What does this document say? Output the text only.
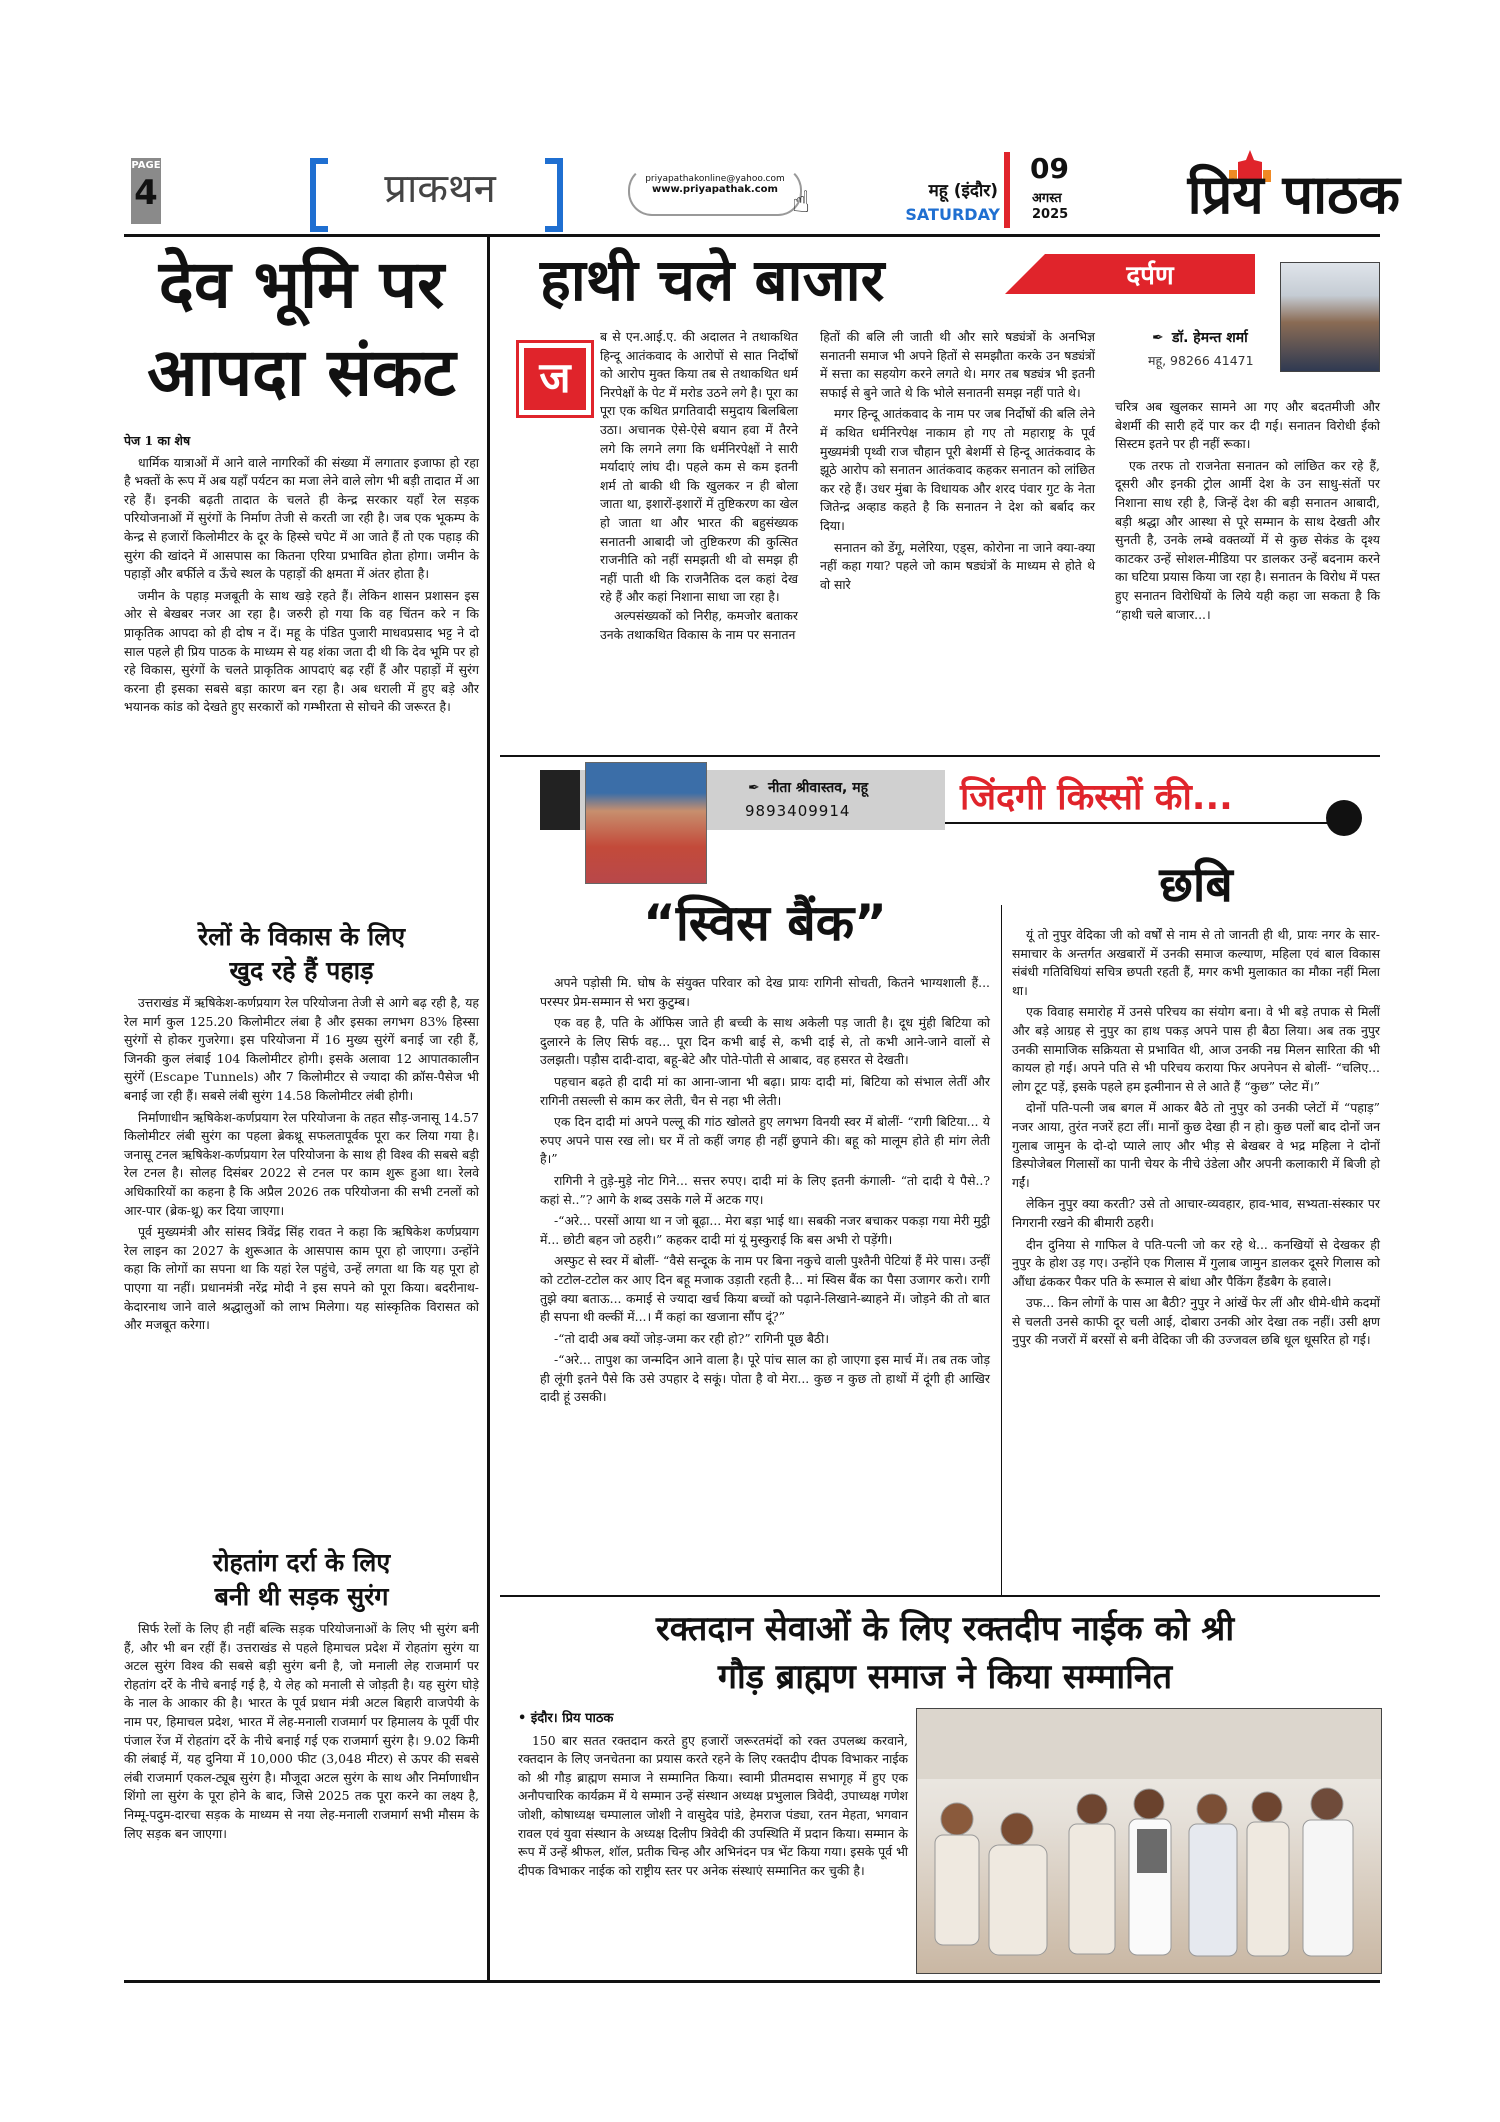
PAGE
4	प्राकथन	priyapathakonline@yahoo.com
www.priyapathak.com ☝	महू (इंदौर)
SATURDAY
09
अगस्त
2025	प्रिय पाठक
देव भूमि पर
आपदा संकट

पेज 1 का शेष

धार्मिक यात्राओं में आने वाले नागरिकों की संख्या में लगातार इजाफा हो रहा है भक्तों के रूप में अब यहाँ पर्यटन का मजा लेने वाले लोग भी बड़ी तादात में आ रहे हैं। इनकी बढ़ती तादात के चलते ही केन्द्र सरकार यहाँ रेल सड़क परियोजनाओं में सुरंगों के निर्माण तेजी से करती जा रही है। जब एक भूकम्प के केन्द्र से हजारों किलोमीटर के दूर के हिस्से चपेट में आ जाते हैं तो एक पहाड़ की सुरंग की खांदने में आसपास का कितना एरिया प्रभावित होता होगा। जमीन के पहाड़ों और बर्फीले व ऊँचे स्थल के पहाड़ों की क्षमता में अंतर होता है।

जमीन के पहाड़ मजबूती के साथ खड़े रहते हैं। लेकिन शासन प्रशासन इस ओर से बेखबर नजर आ रहा है। जरुरी हो गया कि वह चिंतन करे न कि प्राकृतिक आपदा को ही दोष न दें। महू के पंडित पुजारी माधवप्रसाद भट्ट ने दो साल पहले ही प्रिय पाठक के माध्यम से यह शंका जता दी थी कि देव भूमि पर हो रहे विकास, सुरंगों के चलते प्राकृतिक आपदाएं बढ़ रहीं हैं और पहाड़ों में सुरंग करना ही इसका सबसे बड़ा कारण बन रहा है। अब धराली में हुए बड़े और भयानक कांड को देखते हुए सरकारों को गम्भीरता से सोचने की जरूरत है।

रेलों के विकास के लिए
खुद रहे हैं पहाड़

उत्तराखंड में ऋषिकेश-कर्णप्रयाग रेल परियोजना तेजी से आगे बढ़ रही है, यह रेल मार्ग कुल 125.20 किलोमीटर लंबा है और इसका लगभग 83% हिस्सा सुरंगों से होकर गुजरेगा। इस परियोजना में 16 मुख्य सुरंगें बनाई जा रही हैं, जिनकी कुल लंबाई 104 किलोमीटर होगी। इसके अलावा 12 आपातकालीन सुरंगें (Escape Tunnels) और 7 किलोमीटर से ज्यादा की क्रॉस-पैसेज भी बनाई जा रही हैं। सबसे लंबी सुरंग 14.58 किलोमीटर लंबी होगी।

निर्माणाधीन ऋषिकेश-कर्णप्रयाग रेल परियोजना के तहत सौड़-जनासू 14.57 किलोमीटर लंबी सुरंग का पहला ब्रेकथ्रू सफलतापूर्वक पूरा कर लिया गया है। जनासू टनल ऋषिकेश-कर्णप्रयाग रेल परियोजना के साथ ही विश्व की सबसे बड़ी रेल टनल है। सोलह दिसंबर 2022 से टनल पर काम शुरू हुआ था। रेलवे अधिकारियों का कहना है कि अप्रैल 2026 तक परियोजना की सभी टनलों को आर-पार (ब्रेक-थ्रू) कर दिया जाएगा।

पूर्व मुख्यमंत्री और सांसद त्रिवेंद्र सिंह रावत ने कहा कि ऋषिकेश कर्णप्रयाग रेल लाइन का 2027 के शुरूआत के आसपास काम पूरा हो जाएगा। उन्होंने कहा कि लोगों का सपना था कि यहां रेल पहुंचे, उन्हें लगता था कि यह पूरा हो पाएगा या नहीं। प्रधानमंत्री नरेंद्र मोदी ने इस सपने को पूरा किया। बदरीनाथ-केदारनाथ जाने वाले श्रद्धालुओं को लाभ मिलेगा। यह सांस्कृतिक विरासत को और मजबूत करेगा।

रोहतांग दर्रा के लिए
बनी थी सड़क सुरंग

सिर्फ रेलों के लिए ही नहीं बल्कि सड़क परियोजनाओं के लिए भी सुरंग बनी हैं, और भी बन रहीं हैं। उत्तराखंड से पहले हिमाचल प्रदेश में रोहतांग सुरंग या अटल सुरंग विश्व की सबसे बड़ी सुरंग बनी है, जो मनाली लेह राजमार्ग पर रोहतांग दर्रे के नीचे बनाई गई है, ये लेह को मनाली से जोड़ती है। यह सुरंग घोड़े के नाल के आकार की है। भारत के पूर्व प्रधान मंत्री अटल बिहारी वाजपेयी के नाम पर, हिमाचल प्रदेश, भारत में लेह-मनाली राजमार्ग पर हिमालय के पूर्वी पीर पंजाल रेंज में रोहतांग दर्रे के नीचे बनाई गई एक राजमार्ग सुरंग है। 9.02 किमी की लंबाई में, यह दुनिया में 10,000 फीट (3,048 मीटर) से ऊपर की सबसे लंबी राजमार्ग एकल-ट्यूब सुरंग है। मौजूदा अटल सुरंग के साथ और निर्माणाधीन शिंगो ला सुरंग के पूरा होने के बाद, जिसे 2025 तक पूरा करने का लक्ष्य है, निम्मू-पदुम-दारचा सड़क के माध्यम से नया लेह-मनाली राजमार्ग सभी मौसम के लिए सड़क बन जाएगा।

हाथी चले बाजार	दर्पण
✒ डॉ. हेमन्त शर्मा
महू, 98266 41471
ज

ब से एन.आई.ए. की अदालत ने तथाकथित हिन्दू आतंकवाद के आरोपों से सात निर्दोषों को आरोप मुक्त किया तब से तथाकथित धर्म निरपेक्षों के पेट में मरोड उठने लगे है। पूरा का पूरा एक कथित प्रगतिवादी समुदाय बिलबिला उठा। अचानक ऐसे-ऐसे बयान हवा में तैरने लगे कि लगने लगा कि धर्मनिरपेक्षों ने सारी मर्यादाएं लांघ दी। पहले कम से कम इतनी शर्म तो बाकी थी कि खुलकर न ही बोला जाता था, इशारों-इशारों में तुष्टिकरण का खेल हो जाता था और भारत की बहुसंख्यक सनातनी आबादी जो तुष्टिकरण की कुत्सित राजनीति को नहीं समझती थी वो समझ ही नहीं पाती थी कि राजनैतिक दल कहां देख रहे हैं और कहां निशाना साधा जा रहा है।

अल्पसंख्यकों को निरीह, कमजोर बताकर उनके तथाकथित विकास के नाम पर सनातन

हितों की बलि ली जाती थी और सारे षड्यंत्रों के अनभिज्ञ सनातनी समाज भी अपने हितों से समझौता करके उन षड्यंत्रों में सत्ता का सहयोग करने लगते थे। मगर तब षड्यंत्र भी इतनी सफाई से बुने जाते थे कि भोले सनातनी समझ नहीं पाते थे।

मगर हिन्दू आतंकवाद के नाम पर जब निर्दोषों की बलि लेने में कथित धर्मनिरपेक्ष नाकाम हो गए तो महाराष्ट्र के पूर्व मुख्यमंत्री पृथ्वी राज चौहान पूरी बेशर्मी से हिन्दू आतंकवाद के झूठे आरोप को सनातन आतंकवाद कहकर सनातन को लांछित कर रहे हैं। उधर मुंबा के विधायक और शरद पंवार गुट के नेता जितेन्द्र अव्हाड कहते है कि सनातन ने देश को बर्बाद कर दिया।

सनातन को डेंगू, मलेरिया, एड्स, कोरोना ना जाने क्या-क्या नहीं कहा गया? पहले जो काम षड्यंत्रों के माध्यम से होते थे वो सारे

चरित्र अब खुलकर सामने आ गए और बदतमीजी और बेशर्मी की सारी हदें पार कर दी गई। सनातन विरोधी ईको सिस्टम इतने पर ही नहीं रूका।

एक तरफ तो राजनेता सनातन को लांछित कर रहे हैं, दूसरी और इनकी ट्रोल आर्मी देश के उन साधु-संतों पर निशाना साध रही है, जिन्हें देश की बड़ी सनातन आबादी, बड़ी श्रद्धा और आस्था से पूरे सम्मान के साथ देखती और सुनती है, उनके लम्बे वक्तव्यों में से कुछ सेकंड के दृश्य काटकर उन्हें सोशल-मीडिया पर डालकर उन्हें बदनाम करने का घटिया प्रयास किया जा रहा है। सनातन के विरोध में पस्त हुए सनातन विरोधियों के लिये यही कहा जा सकता है कि “हाथी चले बाजार...।

✒ नीता श्रीवास्तव, महू
9893409914	जिंदगी किस्सों की...
“स्विस बैंक”

अपने पड़ोसी मि. घोष के संयुक्त परिवार को देख प्रायः रागिनी सोचती, कितने भाग्यशाली हैं... परस्पर प्रेम-सम्मान से भरा कुटुम्ब।

एक वह है, पति के ऑफिस जाते ही बच्ची के साथ अकेली पड़ जाती है। दूध मुंही बिटिया को दुलारने के लिए सिर्फ वह... पूरा दिन कभी बाई से, कभी दाई से, तो कभी आने-जाने वालों से उलझती। पड़ौस दादी-दादा, बहू-बेटे और पोते-पोती से आबाद, वह हसरत से देखती।

पहचान बढ़ते ही दादी मां का आना-जाना भी बढ़ा। प्रायः दादी मां, बिटिया को संभाल लेतीं और रागिनी तसल्ली से काम कर लेती, चैन से नहा भी लेती।

एक दिन दादी मां अपने पल्लू की गांठ खोलते हुए लगभग विनयी स्वर में बोलीं- “रागी बिटिया... ये रुपए अपने पास रख लो। घर में तो कहीं जगह ही नहीं छुपाने की। बहू को मालूम होते ही मांग लेती है।”

रागिनी ने तुड़े-मुड़े नोट गिने... सत्तर रुपए। दादी मां के लिए इतनी कंगाली- “तो दादी ये पैसे..? कहां से..”? आगे के शब्द उसके गले में अटक गए।

-“अरे... परसों आया था न जो बूढ़ा... मेरा बड़ा भाई था। सबकी नजर बचाकर पकड़ा गया मेरी मुट्ठी में... छोटी बहन जो ठहरी।” कहकर दादी मां यूं मुस्कुराई कि बस अभी रो पड़ेंगी।

अस्फुट से स्वर में बोलीं- “वैसे सन्दूक के नाम पर बिना नकुचे वाली पुश्तैनी पेटियां हैं मेरे पास। उन्हीं को टटोल-टटोल कर आए दिन बहू मजाक उड़ाती रहती है... मां स्विस बैंक का पैसा उजागर करो। रागी तुझे क्या बताऊ... कमाई से ज्यादा खर्च किया बच्चों को पढ़ाने-लिखाने-ब्याहने में। जोड़ने की तो बात ही सपना थी क्ल्कीं में...। मैं कहां का खजाना सौंप दूं?”

-“तो दादी अब क्यों जोड़-जमा कर रही हो?” रागिनी पूछ बैठी।

-“अरे... तापुश का जन्मदिन आने वाला है। पूरे पांच साल का हो जाएगा इस मार्च में। तब तक जोड़ ही लूंगी इतने पैसे कि उसे उपहार दे सकूं। पोता है वो मेरा... कुछ न कुछ तो हाथों में दूंगी ही आखिर दादी हूं उसकी।

छबि

यूं तो नुपुर वेदिका जी को वर्षों से नाम से तो जानती ही थी, प्रायः नगर के सार-समाचार के अन्तर्गत अखबारों में उनकी समाज कल्याण, महिला एवं बाल विकास संबंधी गतिविधियां सचित्र छपती रहती हैं, मगर कभी मुलाकात का मौका नहीं मिला था।

एक विवाह समारोह में उनसे परिचय का संयोग बना। वे भी बड़े तपाक से मिलीं और बड़े आग्रह से नुपुर का हाथ पकड़ अपने पास ही बैठा लिया। अब तक नुपुर उनकी सामाजिक सक्रियता से प्रभावित थी, आज उनकी नम्र मिलन सारिता की भी कायल हो गई। अपने पति से भी परिचय कराया फिर अपनेपन से बोलीं- “चलिए... लोग टूट पड़ें, इसके पहले हम इत्मीनान से ले आते हैं “कुछ” प्लेट में।”

दोनों पति-पत्नी जब बगल में आकर बैठे तो नुपुर को उनकी प्लेटों में “पहाड़” नजर आया, तुरंत नजरें हटा लीं। मानों कुछ देखा ही न हो। कुछ पलों बाद दोनों जन गुलाब जामुन के दो-दो प्याले लाए और भीड़ से बेखबर वे भद्र महिला ने दोनों डिस्पोजेबल गिलासों का पानी चेयर के नीचे उंडेला और अपनी कलाकारी में बिजी हो गईं।

लेकिन नुपुर क्या करती? उसे तो आचार-व्यवहार, हाव-भाव, सभ्यता-संस्कार पर निगरानी रखने की बीमारी ठहरी।

दीन दुनिया से गाफिल वे पति-पत्नी जो कर रहे थे... कनखियों से देखकर ही नुपुर के होश उड़ गए। उन्होंने एक गिलास में गुलाब जामुन डालकर दूसरे गिलास को औंधा ढंककर पैकर पति के रूमाल से बांधा और पैकिंग हैंडबैग के हवाले।

उफ... किन लोगों के पास आ बैठी? नुपुर ने आंखें फेर लीं और धीमे-धीमे कदमों से चलती उनसे काफी दूर चली आई, दोबारा उनकी ओर देखा तक नहीं। उसी क्षण नुपुर की नजरों में बरसों से बनी वेदिका जी की उज्जवल छबि धूल धूसरित हो गई।

रक्तदान सेवाओं के लिए रक्तदीप नाईक को श्री
गौड़ ब्राह्मण समाज ने किया सम्मानित

• इंदौर। प्रिय पाठक

150 बार सतत रक्तदान करते हुए हजारों जरूरतमंदों को रक्त उपलब्ध करवाने, रक्तदान के लिए जनचेतना का प्रयास करते रहने के लिए रक्तदीप दीपक विभाकर नाईक को श्री गौड़ ब्राह्मण समाज ने सम्मानित किया। स्वामी प्रीतमदास सभागृह में हुए एक अनौपचारिक कार्यक्रम में ये सम्मान उन्हें संस्थान अध्यक्ष प्रभुलाल त्रिवेदी, उपाध्यक्ष गणेश जोशी, कोषाध्यक्ष चम्पालाल जोशी ने वासुदेव पांडे, हेमराज पंड्या, रतन मेहता, भगवान रावल एवं युवा संस्थान के अध्यक्ष दिलीप त्रिवेदी की उपस्थिति में प्रदान किया। सम्मान के रूप में उन्हें श्रीफल, शॉल, प्रतीक चिन्ह और अभिनंदन पत्र भेंट किया गया। इसके पूर्व भी दीपक विभाकर नाईक को राष्ट्रीय स्तर पर अनेक संस्थाएं सम्मानित कर चुकी है।
